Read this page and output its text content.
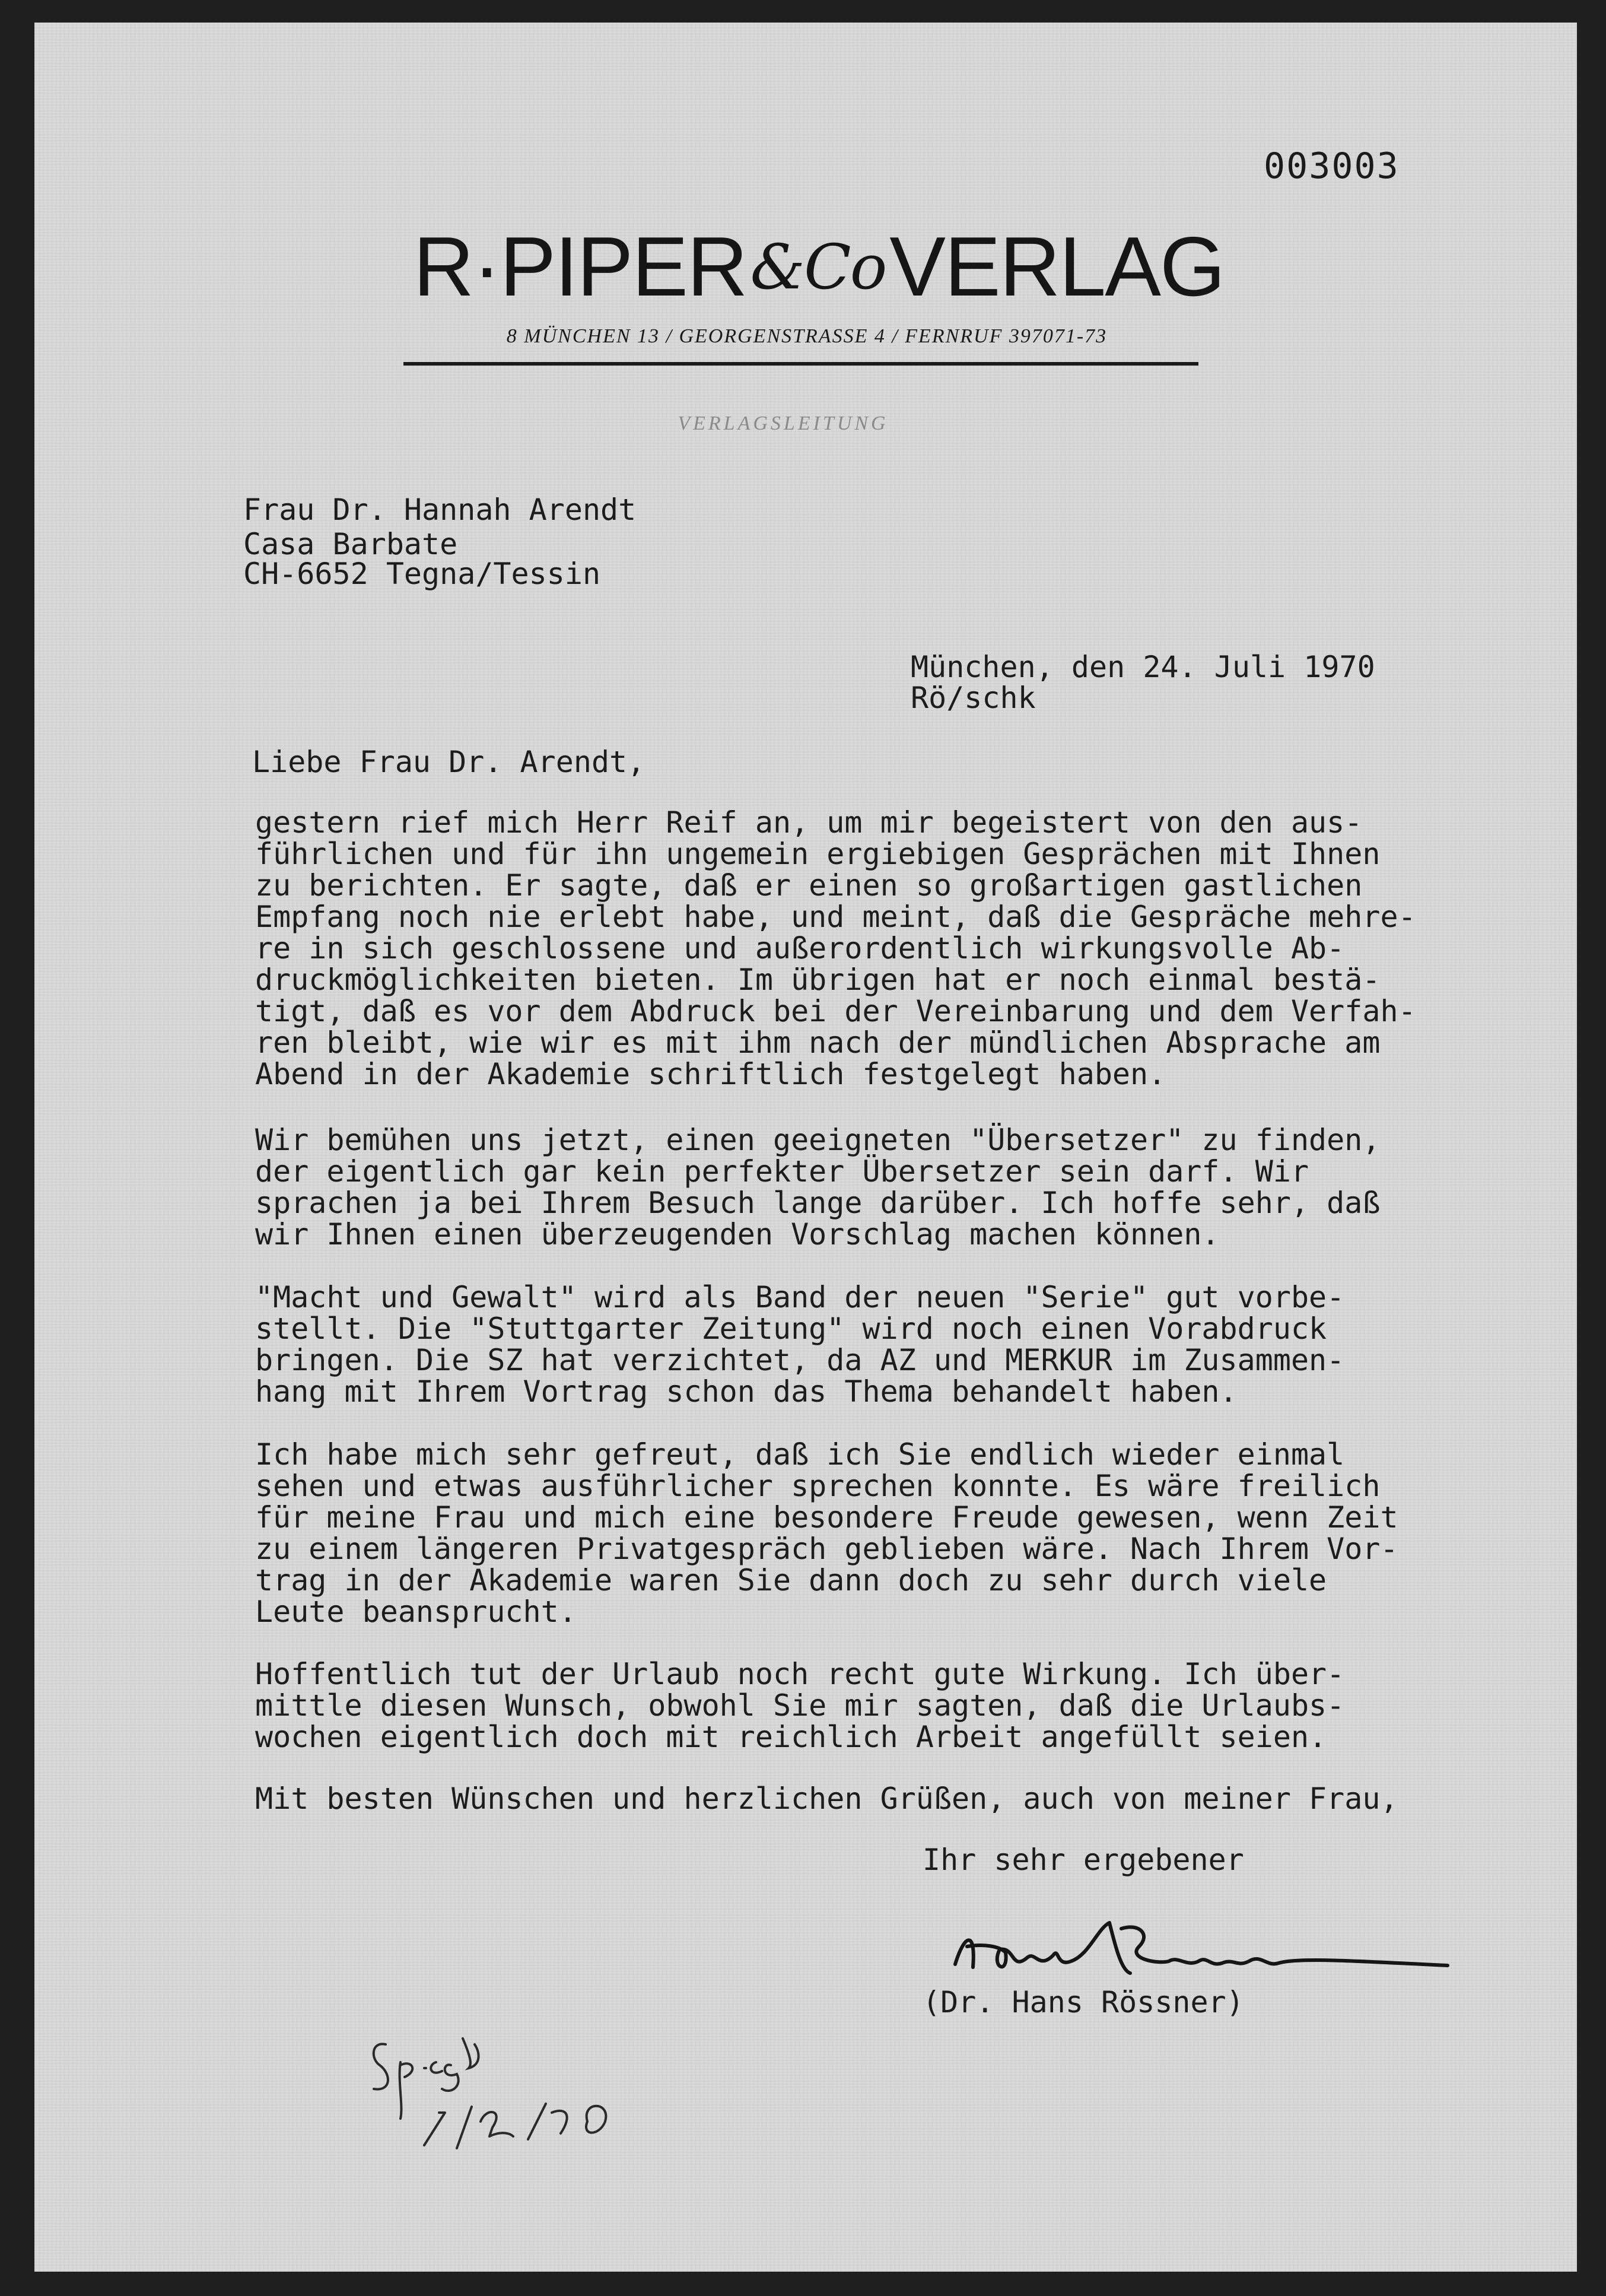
003003
R·PIPER &Co VERLAG
8 MÜNCHEN 13 / GEORGENSTRASSE 4 / FERNRUF 397071-73
VERLAGSLEITUNG
Frau Dr. Hannah Arendt
Casa Barbate
CH-6652 Tegna/Tessin
München, den 24. Juli 1970
Rö/schk
Liebe Frau Dr. Arendt,
gestern rief mich Herr Reif an, um mir begeistert von den aus-
führlichen und für ihn ungemein ergiebigen Gesprächen mit Ihnen
zu berichten. Er sagte, daß er einen so großartigen gastlichen
Empfang noch nie erlebt habe, und meint, daß die Gespräche mehre-
re in sich geschlossene und außerordentlich wirkungsvolle Ab-
druckmöglichkeiten bieten. Im übrigen hat er noch einmal bestä-
tigt, daß es vor dem Abdruck bei der Vereinbarung und dem Verfah-
ren bleibt, wie wir es mit ihm nach der mündlichen Absprache am
Abend in der Akademie schriftlich festgelegt haben.
Wir bemühen uns jetzt, einen geeigneten "Übersetzer" zu finden,
der eigentlich gar kein perfekter Übersetzer sein darf. Wir
sprachen ja bei Ihrem Besuch lange darüber. Ich hoffe sehr, daß
wir Ihnen einen überzeugenden Vorschlag machen können.
"Macht und Gewalt" wird als Band der neuen "Serie" gut vorbe-
stellt. Die "Stuttgarter Zeitung" wird noch einen Vorabdruck
bringen. Die SZ hat verzichtet, da AZ und MERKUR im Zusammen-
hang mit Ihrem Vortrag schon das Thema behandelt haben.
Ich habe mich sehr gefreut, daß ich Sie endlich wieder einmal
sehen und etwas ausführlicher sprechen konnte. Es wäre freilich
für meine Frau und mich eine besondere Freude gewesen, wenn Zeit
zu einem längeren Privatgespräch geblieben wäre. Nach Ihrem Vor-
trag in der Akademie waren Sie dann doch zu sehr durch viele
Leute beansprucht.
Hoffentlich tut der Urlaub noch recht gute Wirkung. Ich über-
mittle diesen Wunsch, obwohl Sie mir sagten, daß die Urlaubs-
wochen eigentlich doch mit reichlich Arbeit angefüllt seien.
Mit besten Wünschen und herzlichen Grüßen, auch von meiner Frau,
Ihr sehr ergebener
(Dr. Hans Rössner)
